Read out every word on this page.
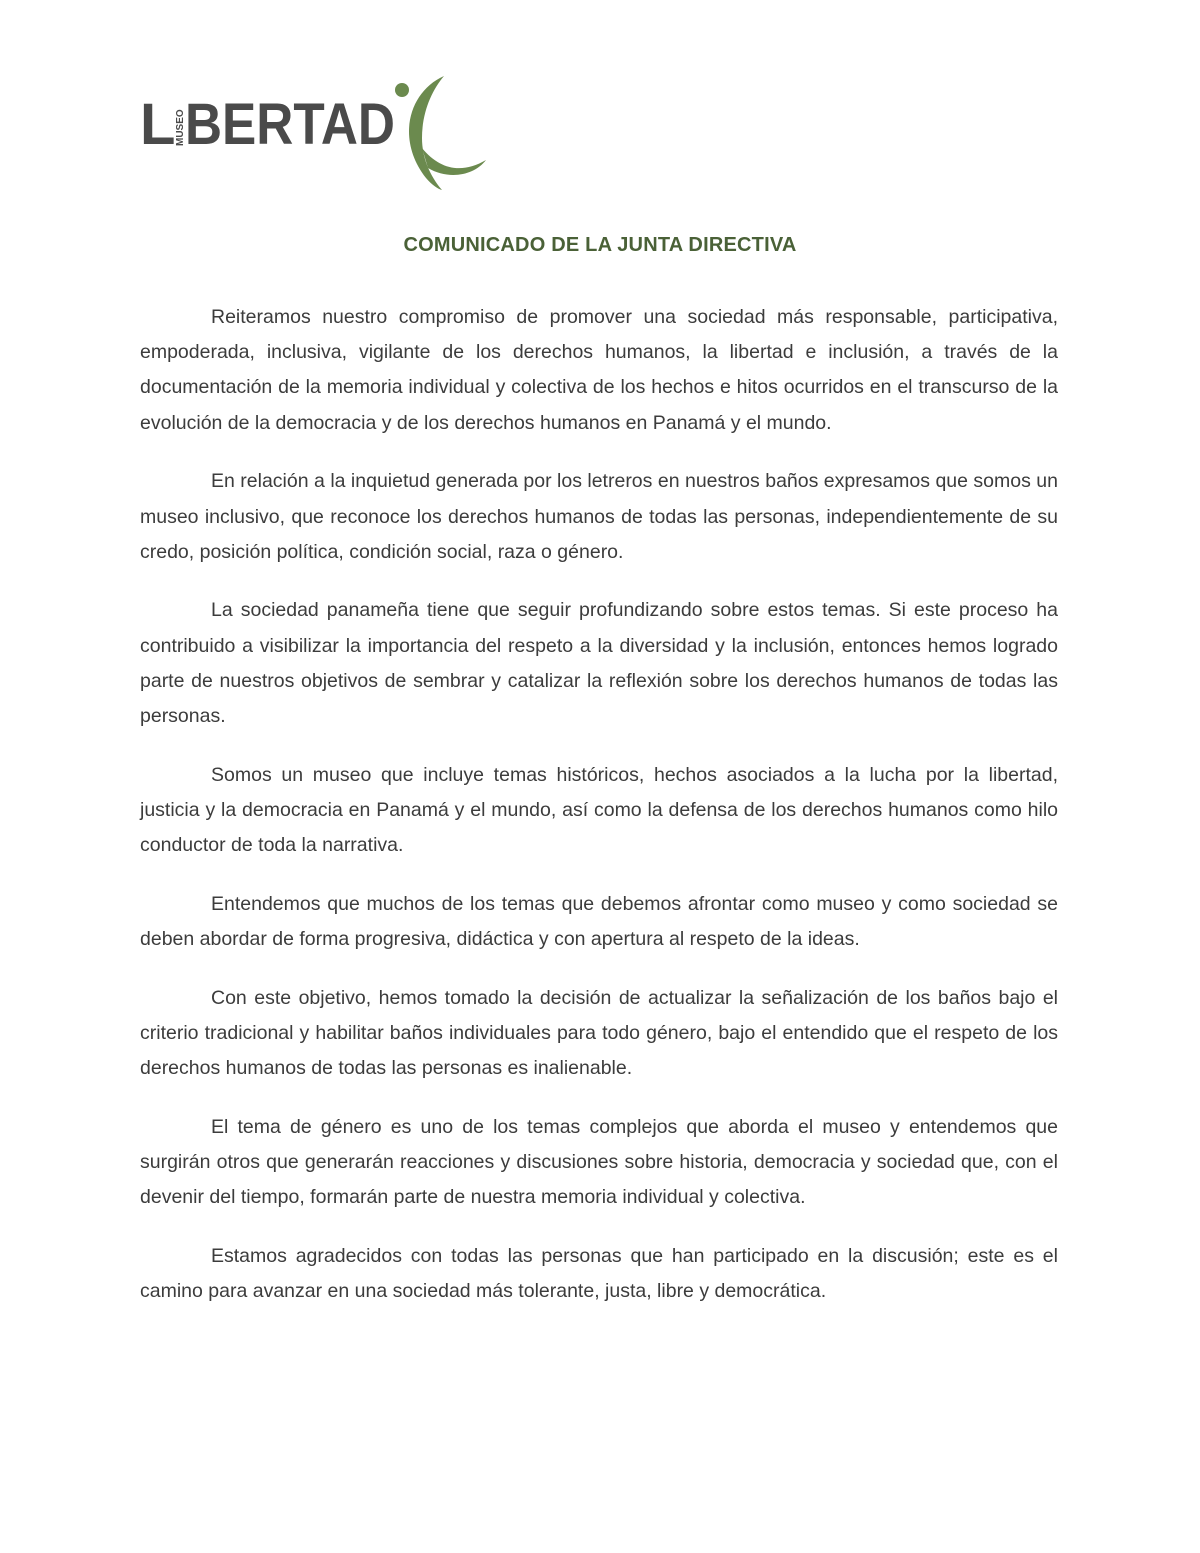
L MUSEO BERTAD
COMUNICADO DE LA JUNTA DIRECTIVA

Reiteramos nuestro compromiso de promover una sociedad más responsable, participativa, empoderada, inclusiva, vigilante de los derechos humanos, la libertad e inclusión, a través de la documentación de la memoria individual y colectiva de los hechos e hitos ocurridos en el transcurso de la evolución de la democracia y de los derechos humanos en Panamá y el mundo.

En relación a la inquietud generada por los letreros en nuestros baños expresamos que somos un museo inclusivo, que reconoce los derechos humanos de todas las personas, independientemente de su credo, posición política, condición social, raza o género.

La sociedad panameña tiene que seguir profundizando sobre estos temas. Si este proceso ha contribuido a visibilizar la importancia del respeto a la diversidad y la inclusión, entonces hemos logrado parte de nuestros objetivos de sembrar y catalizar la reflexión sobre los derechos humanos de todas las personas.

Somos un museo que incluye temas históricos, hechos asociados a la lucha por la libertad, justicia y la democracia en Panamá y el mundo, así como la defensa de los derechos humanos como hilo conductor de toda la narrativa.

Entendemos que muchos de los temas que debemos afrontar como museo y como sociedad se deben abordar de forma progresiva, didáctica y con apertura al respeto de la ideas.

Con este objetivo, hemos tomado la decisión de actualizar la señalización de los baños bajo el criterio tradicional y habilitar baños individuales para todo género, bajo el entendido que el respeto de los derechos humanos de todas las personas es inalienable.

El tema de género es uno de los temas complejos que aborda el museo y entendemos que surgirán otros que generarán reacciones y discusiones sobre historia, democracia y sociedad que, con el devenir del tiempo, formarán parte de nuestra memoria individual y colectiva.

Estamos agradecidos con todas las personas que han participado en la discusión; este es el camino para avanzar en una sociedad más tolerante, justa, libre y democrática.
